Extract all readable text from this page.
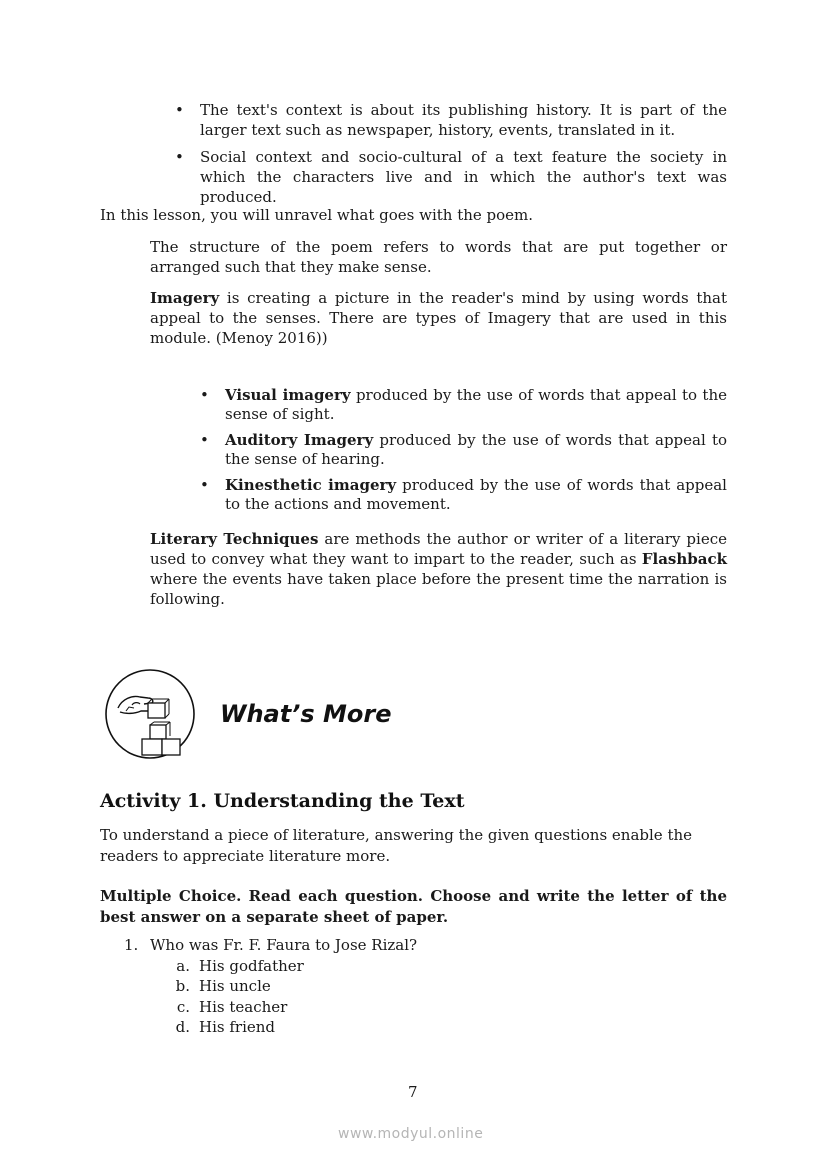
• The text's context is about its publishing history. It is part of the larger text such as newspaper, history, events, translated in it.
• Social context and socio-cultural of a text feature the society in which the characters live and in which the author's text was produced.
In this lesson, you will unravel what goes with the poem.
The structure of the poem refers to words that are put together or arranged such that they make sense.
Imagery is creating a picture in the reader's mind by using words that appeal to the senses. There are types of Imagery that are used in this module. (Menoy 2016))
• Visual imagery produced by the use of words that appeal to the sense of sight.
• Auditory Imagery produced by the use of words that appeal to the sense of hearing.
• Kinesthetic imagery produced by the use of words that appeal to the actions and movement.
Literary Techniques are methods the author or writer of a literary piece used to convey what they want to impart to the reader, such as Flashback where the events have taken place before the present time the narration is following.
What’s More
Activity 1. Understanding the Text
To understand a piece of literature, answering the given questions enable the readers to appreciate literature more.
Multiple Choice. Read each question. Choose and write the letter of the best answer on a separate sheet of paper.
1. Who was Fr. F. Faura to Jose Rizal?
a. His godfather
b. His uncle
c. His teacher
d. His friend
7
www.modyul.online
